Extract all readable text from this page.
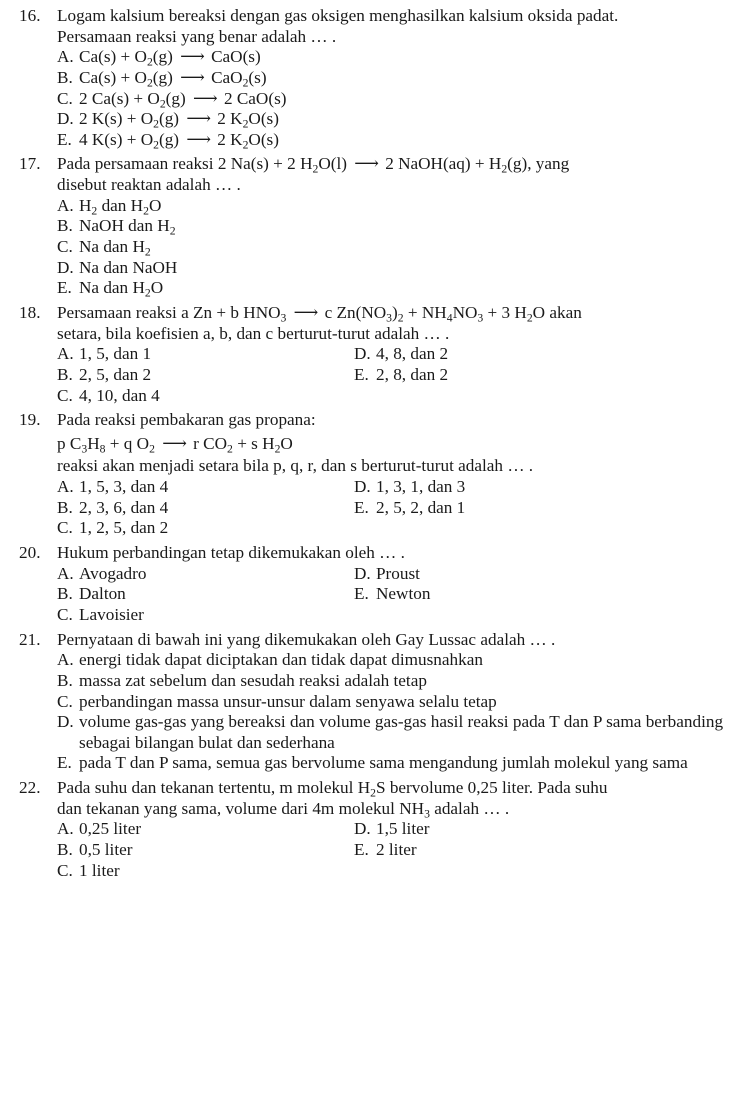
16. Logam kalsium bereaksi dengan gas oksigen menghasilkan kalsium oksida padat.
Persamaan reaksi yang benar adalah … .
A. $Ca(s) + O_2(g)$ ⟶ CaO(s)
B. $Ca(s) + O_2(g)$ ⟶ CaO$_2$(s)
C. 2 $Ca(s) + O_2(g)$ ⟶ 2 CaO(s)
D. 2 $K(s) + O_2(g)$ ⟶ 2 $K_2O(s)$
E. 4 $K(s) + O_2(g)$ ⟶ 2 $K_2O(s)$
17. Pada persamaan reaksi 2 Na(s) + 2 $H_2O(l)$ ⟶ 2 NaOH(aq) + $H_2(g)$, yang
disebut reaktan adalah … .
A. $H_2$ dan $H_2O$
B. NaOH dan $H_2$
C. Na dan $H_2$
D. Na dan NaOH
E. Na dan $H_2O$
18. Persamaan reaksi a Zn + b $HNO_3$ ⟶ c $Zn(NO_3)_2 + NH_4NO_3 + 3$ $H_2O$ akan
setara, bila koefisien a, b, dan c berturut-turut adalah … .
A. 1, 5, dan 1	D. 4, 8, dan 2
B. 2, 5, dan 2	E. 2, 8, dan 2
C. 4, 10, dan 4
19. Pada reaksi pembakaran gas propana:
p $C_3H_8 + q$ $O_2$ ⟶ r $CO_2 + s$ $H_2O$
reaksi akan menjadi setara bila p, q, r, dan s berturut-turut adalah … .
A. 1, 5, 3, dan 4	D. 1, 3, 1, dan 3
B. 2, 3, 6, dan 4	E. 2, 5, 2, dan 1
C. 1, 2, 5, dan 2
20. Hukum perbandingan tetap dikemukakan oleh … .
A. Avogadro	D. Proust
B. Dalton	E. Newton
C. Lavoisier
21. Pernyataan di bawah ini yang dikemukakan oleh Gay Lussac adalah … .
A. energi tidak dapat diciptakan dan tidak dapat dimusnahkan
B. massa zat sebelum dan sesudah reaksi adalah tetap
C. perbandingan massa unsur-unsur dalam senyawa selalu tetap
D. volume gas-gas yang bereaksi dan volume gas-gas hasil reaksi pada T dan P sama berbanding sebagai bilangan bulat dan sederhana
E. pada T dan P sama, semua gas bervolume sama mengandung jumlah molekul yang sama
22. Pada suhu dan tekanan tertentu, m molekul $H_2S$ bervolume 0,25 liter. Pada suhu
dan tekanan yang sama, volume dari 4m molekul $NH_3$ adalah … .
A. 0,25 liter	D. 1,5 liter
B. 0,5 liter	E. 2 liter
C. 1 liter
